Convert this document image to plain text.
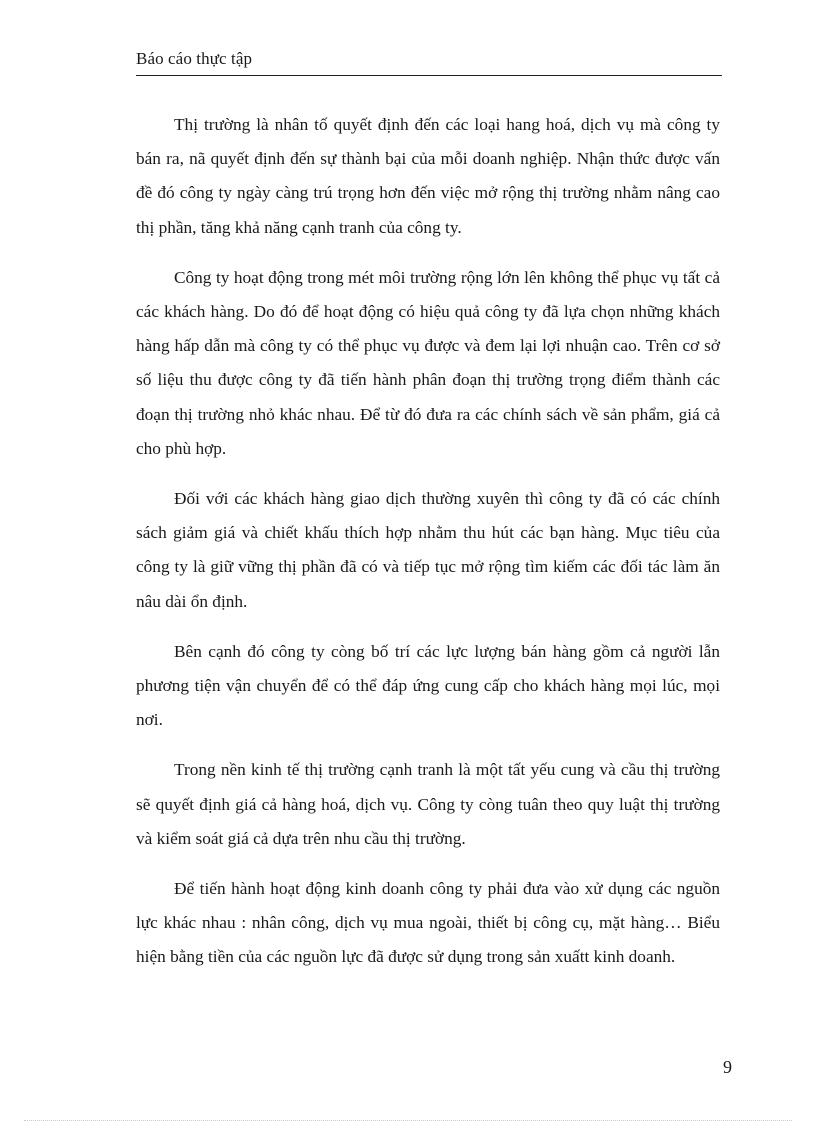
Báo cáo thực tập

Thị trường là nhân tố quyết định đến các loại hang hoá, dịch vụ mà công ty bán ra, nã quyết định đến sự thành bại của mỗi doanh nghiệp. Nhận thức được vấn đề đó công ty ngày càng trú trọng hơn đến việc mở rộng thị trường nhằm nâng cao thị phần, tăng khả năng cạnh tranh của công ty.

Công ty hoạt động trong mét môi trường rộng lớn lên không thể phục vụ tất cả các khách hàng. Do đó để hoạt động có hiệu quả công ty đã lựa chọn những khách hàng hấp dẫn mà công ty có thể phục vụ được và đem lại lợi nhuận cao. Trên cơ sở số liệu thu được công ty đã tiến hành phân đoạn thị trường trọng điểm thành các đoạn thị trường nhỏ khác nhau. Để từ đó đưa ra các chính sách về sản phẩm, giá cả cho phù hợp.

Đối với các khách hàng giao dịch thường xuyên thì công ty đã có các chính sách giảm giá và chiết khấu thích hợp nhằm thu hút các bạn hàng. Mục tiêu của công ty là giữ vững thị phần đã có và tiếp tục mở rộng tìm kiếm các đối tác làm ăn nâu dài ổn định.

Bên cạnh đó công ty còng bố trí các lực lượng bán hàng gồm cả người lẫn phương tiện vận chuyển để có thể đáp ứng cung cấp cho khách hàng mọi lúc, mọi nơi.

Trong nền kinh tế thị trường cạnh tranh là một tất yếu cung và cầu thị trường sẽ quyết định giá cả hàng hoá, dịch vụ. Công ty còng tuân theo quy luật thị trường và kiểm soát giá cả dựa trên nhu cầu thị trường.

Để tiến hành hoạt động kinh doanh công ty phải đưa vào xử dụng các nguồn lực khác nhau : nhân công, dịch vụ mua ngoài, thiết bị công cụ, mặt hàng… Biểu hiện bằng tiền của các nguồn lực đã được sử dụng trong sản xuấtt kinh doanh.

9
